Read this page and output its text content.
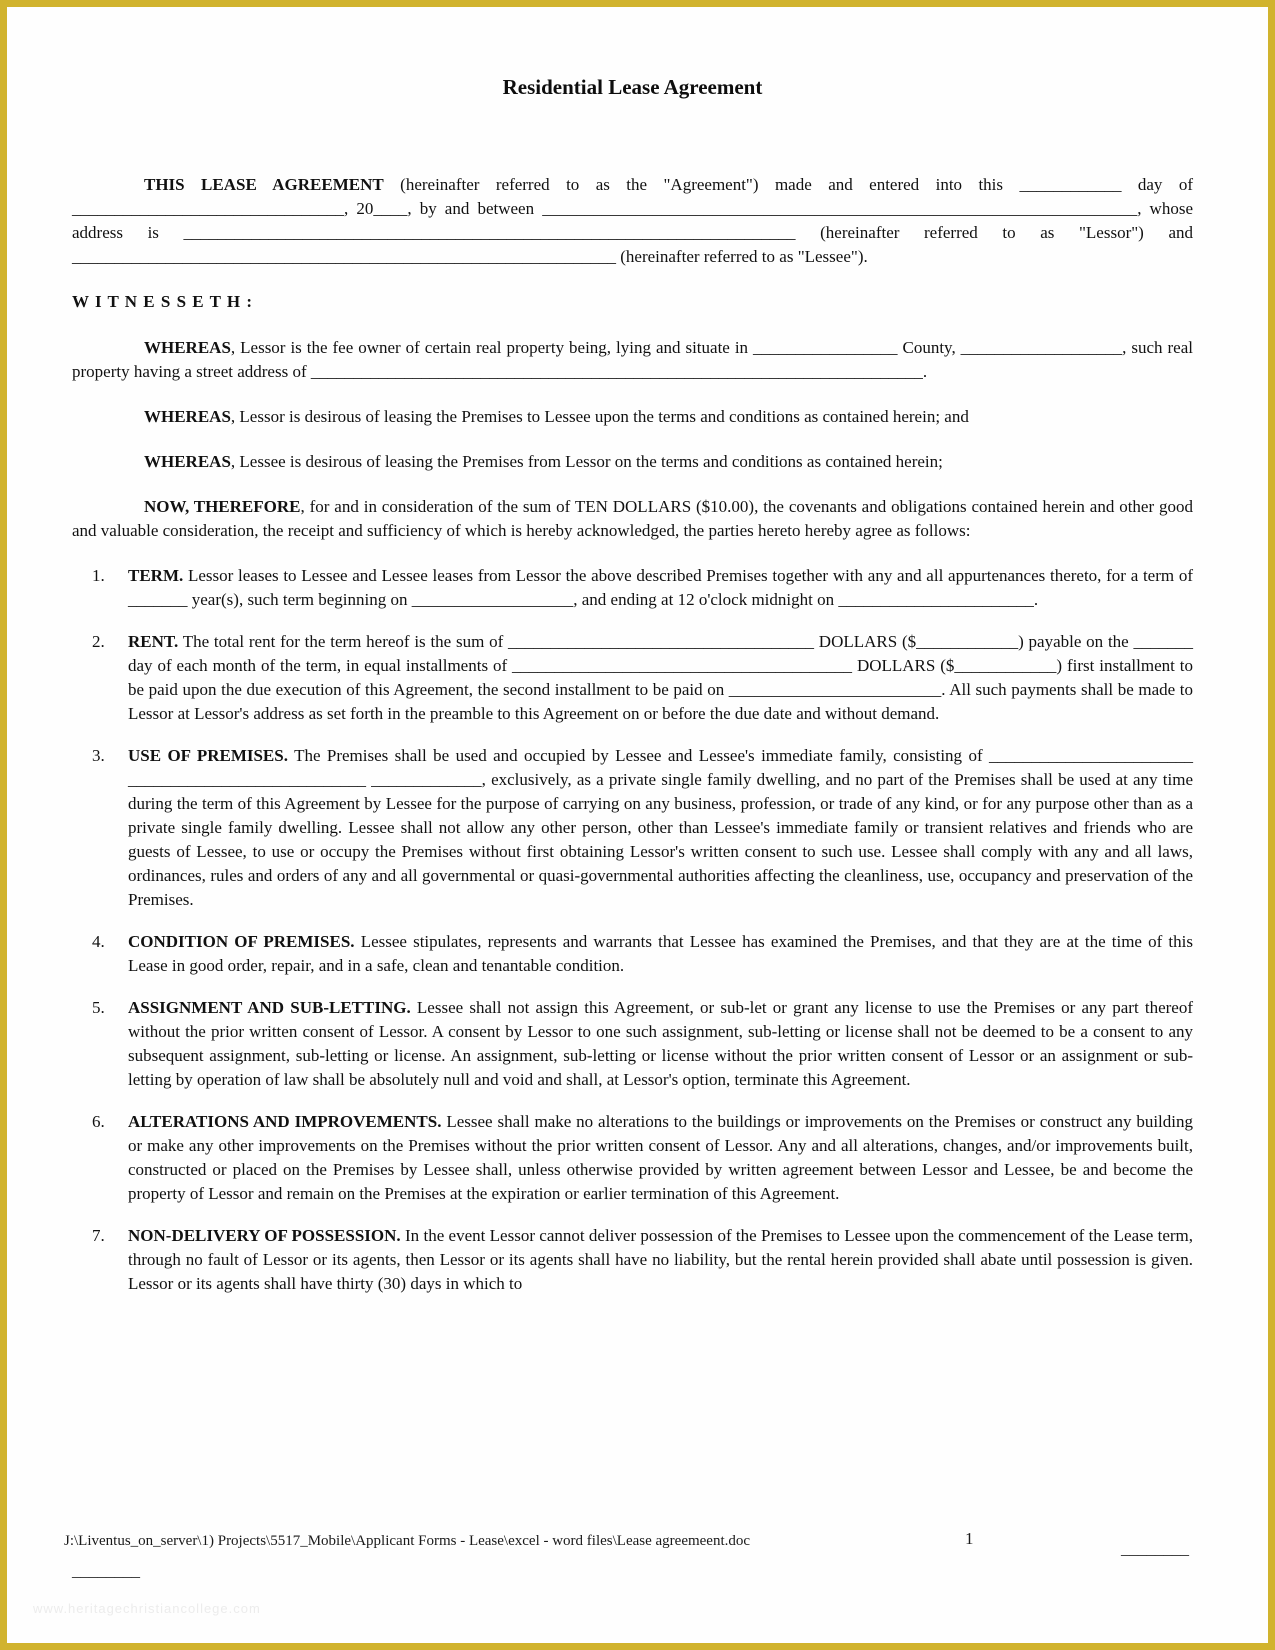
Residential Lease Agreement

THIS LEASE AGREEMENT (hereinafter referred to as the "Agreement") made and entered into this ____________ day of ________________________________, 20____, by and between ______________________________________________________________________, whose address is ________________________________________________________________________ (hereinafter referred to as "Lessor") and ________________________________________________________________ (hereinafter referred to as "Lessee").

W I T N E S S E T H :

WHEREAS, Lessor is the fee owner of certain real property being, lying and situate in _________________ County, ___________________, such real property having a street address of ________________________________________________________________________.

WHEREAS, Lessor is desirous of leasing the Premises to Lessee upon the terms and conditions as contained herein; and

WHEREAS, Lessee is desirous of leasing the Premises from Lessor on the terms and conditions as contained herein;

NOW, THEREFORE, for and in consideration of the sum of TEN DOLLARS ($10.00), the covenants and obligations contained herein and other good and valuable consideration, the receipt and sufficiency of which is hereby acknowledged, the parties hereto hereby agree as follows:

1. TERM. Lessor leases to Lessee and Lessee leases from Lessor the above described Premises together with any and all appurtenances thereto, for a term of _______ year(s), such term beginning on ___________________, and ending at 12 o'clock midnight on _______________________.
2. RENT. The total rent for the term hereof is the sum of ____________________________________ DOLLARS ($____________) payable on the _______ day of each month of the term, in equal installments of ________________________________________ DOLLARS ($____________) first installment to be paid upon the due execution of this Agreement, the second installment to be paid on _________________________. All such payments shall be made to Lessor at Lessor's address as set forth in the preamble to this Agreement on or before the due date and without demand.
3. USE OF PREMISES. The Premises shall be used and occupied by Lessee and Lessee's immediate family, consisting of ________________________ ____________________________ _____________, exclusively, as a private single family dwelling, and no part of the Premises shall be used at any time during the term of this Agreement by Lessee for the purpose of carrying on any business, profession, or trade of any kind, or for any purpose other than as a private single family dwelling. Lessee shall not allow any other person, other than Lessee's immediate family or transient relatives and friends who are guests of Lessee, to use or occupy the Premises without first obtaining Lessor's written consent to such use. Lessee shall comply with any and all laws, ordinances, rules and orders of any and all governmental or quasi-governmental authorities affecting the cleanliness, use, occupancy and preservation of the Premises.
4. CONDITION OF PREMISES. Lessee stipulates, represents and warrants that Lessee has examined the Premises, and that they are at the time of this Lease in good order, repair, and in a safe, clean and tenantable condition.
5. ASSIGNMENT AND SUB-LETTING. Lessee shall not assign this Agreement, or sub-let or grant any license to use the Premises or any part thereof without the prior written consent of Lessor. A consent by Lessor to one such assignment, sub-letting or license shall not be deemed to be a consent to any subsequent assignment, sub-letting or license. An assignment, sub-letting or license without the prior written consent of Lessor or an assignment or sub-letting by operation of law shall be absolutely null and void and shall, at Lessor's option, terminate this Agreement.
6. ALTERATIONS AND IMPROVEMENTS. Lessee shall make no alterations to the buildings or improvements on the Premises or construct any building or make any other improvements on the Premises without the prior written consent of Lessor. Any and all alterations, changes, and/or improvements built, constructed or placed on the Premises by Lessee shall, unless otherwise provided by written agreement between Lessor and Lessee, be and become the property of Lessor and remain on the Premises at the expiration or earlier termination of this Agreement.
7. NON-DELIVERY OF POSSESSION. In the event Lessor cannot deliver possession of the Premises to Lessee upon the commencement of the Lease term, through no fault of Lessor or its agents, then Lessor or its agents shall have no liability, but the rental herein provided shall abate until possession is given. Lessor or its agents shall have thirty (30) days in which to
J:\Liventus_on_server\1) Projects\5517_Mobile\Applicant Forms - Lease\excel - word files\Lease agreemeent.doc	1
________
________
www.heritagechristiancollege.com
